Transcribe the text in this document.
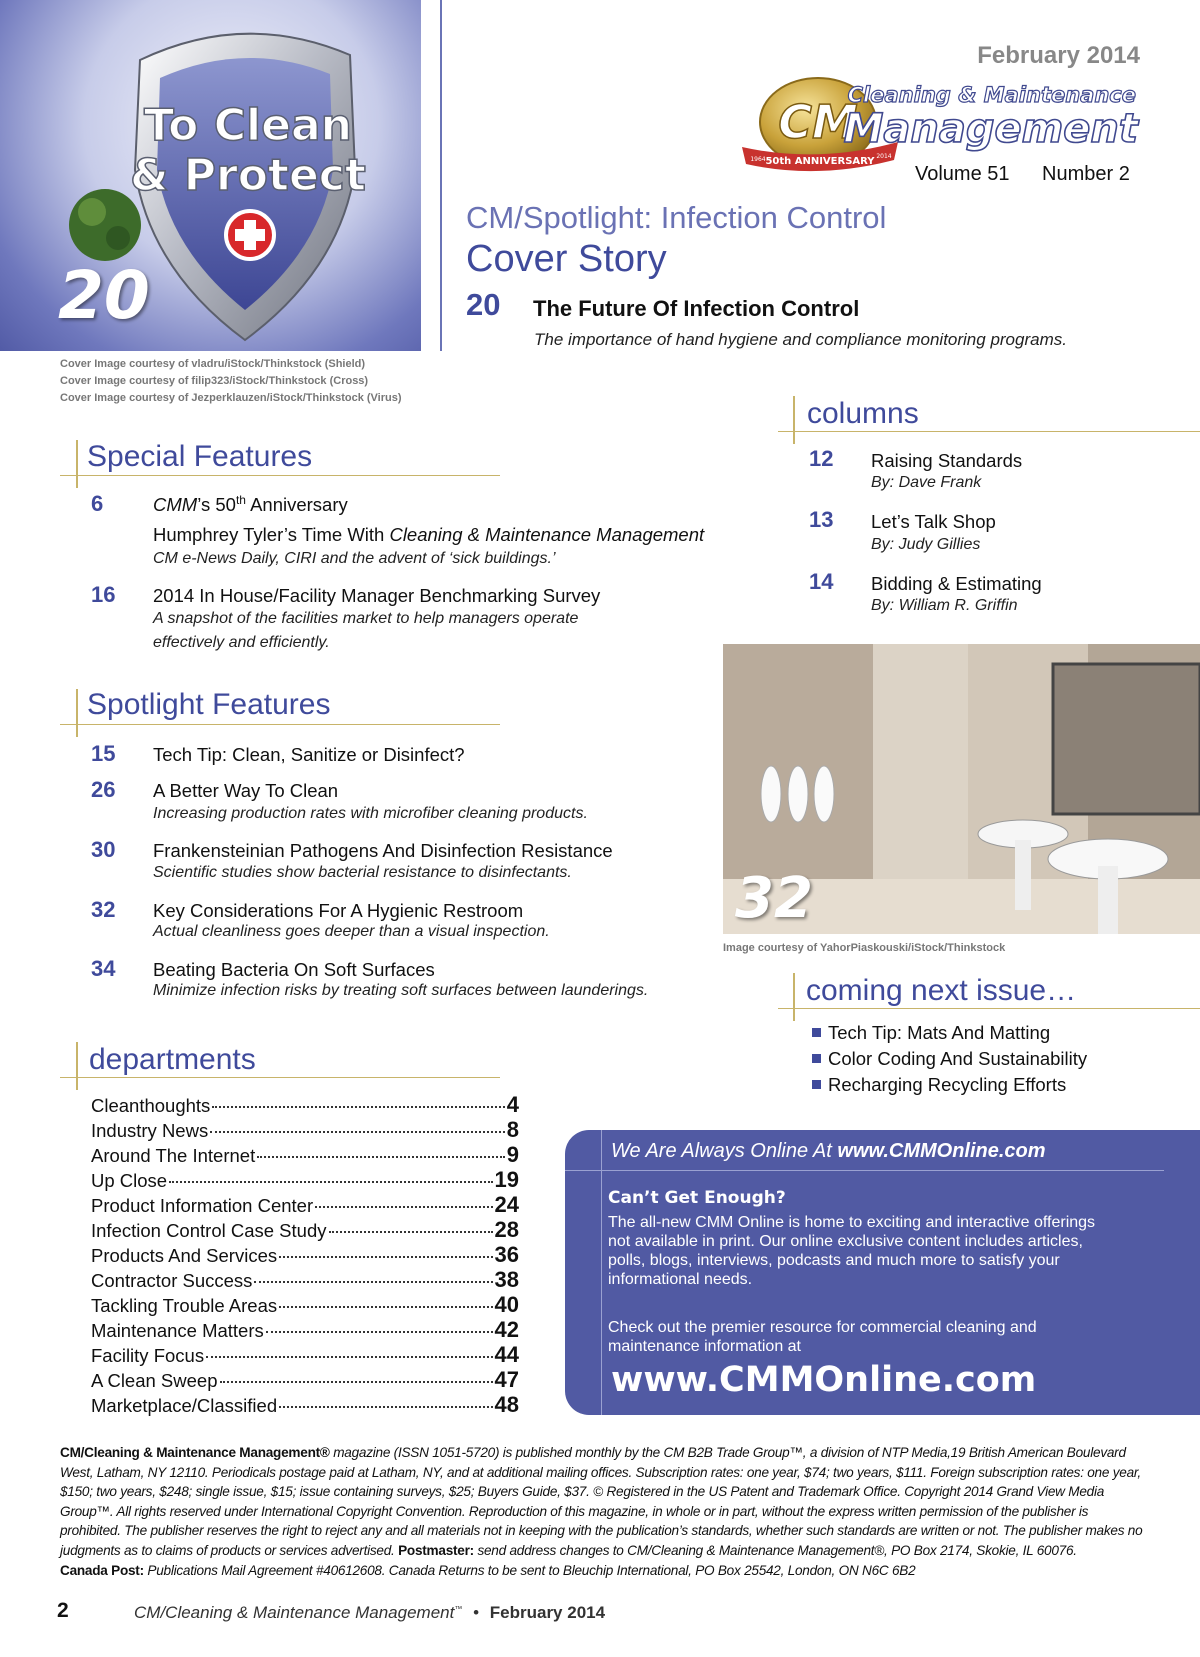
To Clean
& Protect
20
Cover Image courtesy of vladru/iStock/Thinkstock (Shield)
Cover Image courtesy of filip323/iStock/Thinkstock (Cross)
Cover Image courtesy of Jezperklauzen/iStock/Thinkstock (Virus)
February 2014
CM
50th ANNIVERSARY
1964	2014
Cleaning & Maintenance
Management
Volume 51 Number 2
CM/Spotlight: Infection Control
Cover Story
20 The Future Of Infection Control
The importance of hand hygiene and compliance monitoring programs.
Special Features
6	CMM’s 50th Anniversary
Humphrey Tyler’s Time With Cleaning & Maintenance Management
CM e-News Daily, CIRI and the advent of ‘sick buildings.’
16 2014 In House/Facility Manager Benchmarking Survey
A snapshot of the facilities market to help managers operate
effectively and efficiently.
Spotlight Features
15 Tech Tip: Clean, Sanitize or Disinfect?
26 A Better Way To Clean
Increasing production rates with microfiber cleaning products.
30 Frankensteinian Pathogens And Disinfection Resistance
Scientific studies show bacterial resistance to disinfectants.
32 Key Considerations For A Hygienic Restroom
Actual cleanliness goes deeper than a visual inspection.
34 Beating Bacteria On Soft Surfaces
Minimize infection risks by treating soft surfaces between launderings.
columns
12 Raising Standards
By: Dave Frank
13 Let’s Talk Shop
By: Judy Gillies
14 Bidding & Estimating
By: William R. Griffin
32
Image courtesy of YahorPiaskouski/iStock/Thinkstock
coming next issue…
Tech Tip: Mats And Matting
Color Coding And Sustainability
Recharging Recycling Efforts
departments
Cleanthoughts	4
Industry News	8
Around The Internet	9
Up Close	19
Product Information Center	24
Infection Control Case Study	28
Products And Services	36
Contractor Success	38
Tackling Trouble Areas	40
Maintenance Matters	42
Facility Focus	44
A Clean Sweep	47
Marketplace/Classified	48
We Are Always Online At www.CMMOnline.com
Can’t Get Enough?
The all-new CMM Online is home to exciting and interactive offerings not available in print. Our online exclusive content includes articles, polls, blogs, interviews, podcasts and much more to satisfy your informational needs.
Check out the premier resource for commercial cleaning and maintenance information at
www.CMMOnline.com
CM/Cleaning & Maintenance Management® magazine (ISSN 1051-5720) is published monthly by the CM B2B Trade Group™, a division of NTP Media,19 British American Boulevard West, Latham, NY 12110. Periodicals postage paid at Latham, NY, and at additional mailing offices. Subscription rates: one year, $74; two years, $111. Foreign subscription rates: one year, $150; two years, $248; single issue, $15; issue containing surveys, $25; Buyers Guide, $37. © Registered in the US Patent and Trademark Office. Copyright 2014 Grand View Media Group™. All rights reserved under International Copyright Convention. Reproduction of this magazine, in whole or in part, without the express written permission of the publisher is prohibited. The publisher reserves the right to reject any and all materials not in keeping with the publication’s standards, whether such standards are written or not. The publisher makes no judgments as to claims of products or services advertised. Postmaster: send address changes to CM/Cleaning & Maintenance Management®, PO Box 2174, Skokie, IL 60076.
Canada Post: Publications Mail Agreement #40612608. Canada Returns to be sent to Bleuchip International, PO Box 25542, London, ON N6C 6B2
2	CM/Cleaning & Maintenance Management™ • February 2014
